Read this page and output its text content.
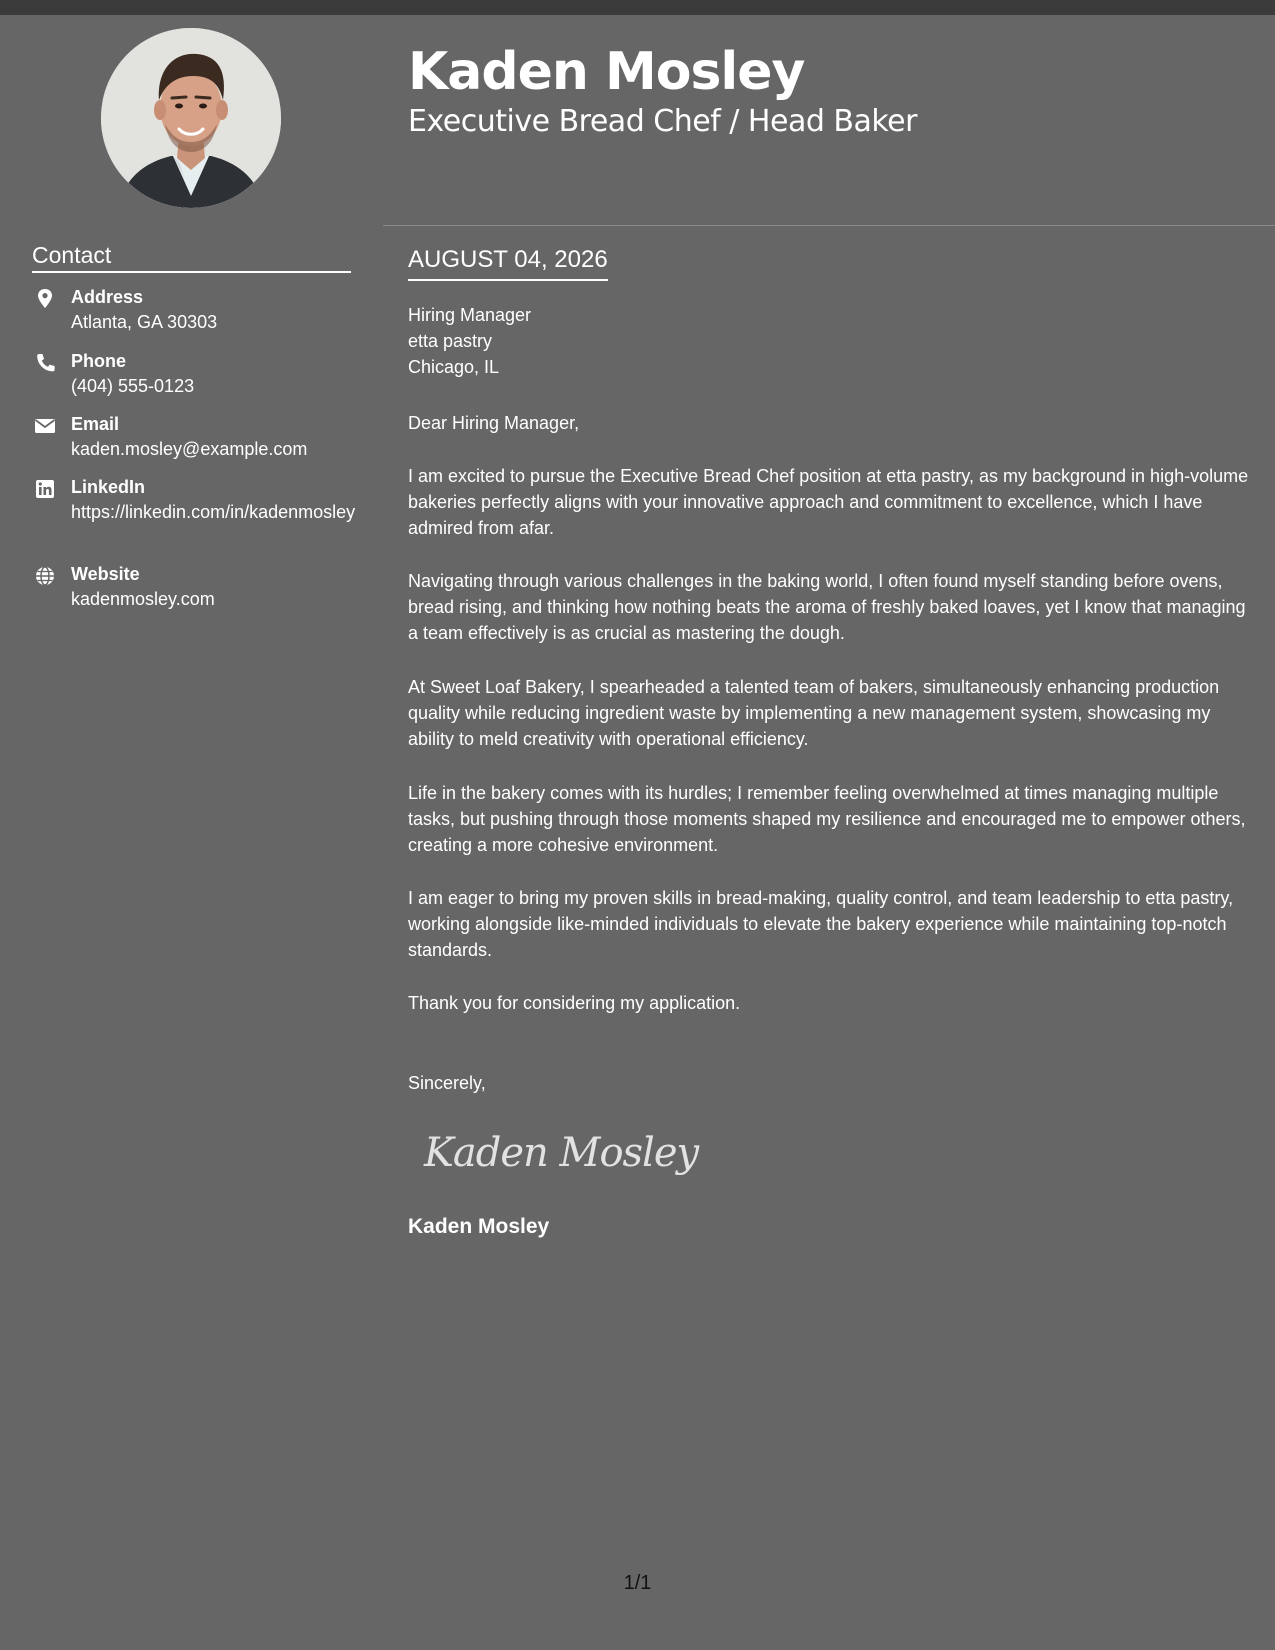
Kaden Mosley
Executive Bread Chef / Head Baker
Contact
Address
Atlanta, GA 30303
Phone
(404) 555-0123
Email
kaden.mosley@example.com
LinkedIn
https://linkedin.com/in/kadenmosley
Website
kadenmosley.com
AUGUST 04, 2026
Hiring Manager
etta pastry
Chicago, IL

Dear Hiring Manager,

I am excited to pursue the Executive Bread Chef position at etta pastry, as my background in high-volume bakeries perfectly aligns with your innovative approach and commitment to excellence, which I have admired from afar.

Navigating through various challenges in the baking world, I often found myself standing before ovens, bread rising, and thinking how nothing beats the aroma of freshly baked loaves, yet I know that managing a team effectively is as crucial as mastering the dough.

At Sweet Loaf Bakery, I spearheaded a talented team of bakers, simultaneously enhancing production quality while reducing ingredient waste by implementing a new management system, showcasing my ability to meld creativity with operational efficiency.

Life in the bakery comes with its hurdles; I remember feeling overwhelmed at times managing multiple tasks, but pushing through those moments shaped my resilience and encouraged me to empower others, creating a more cohesive environment.

I am eager to bring my proven skills in bread-making, quality control, and team leadership to etta pastry, working alongside like-minded individuals to elevate the bakery experience while maintaining top-notch standards.

Thank you for considering my application.

Sincerely,

Kaden Mosley
Kaden Mosley
1/1
